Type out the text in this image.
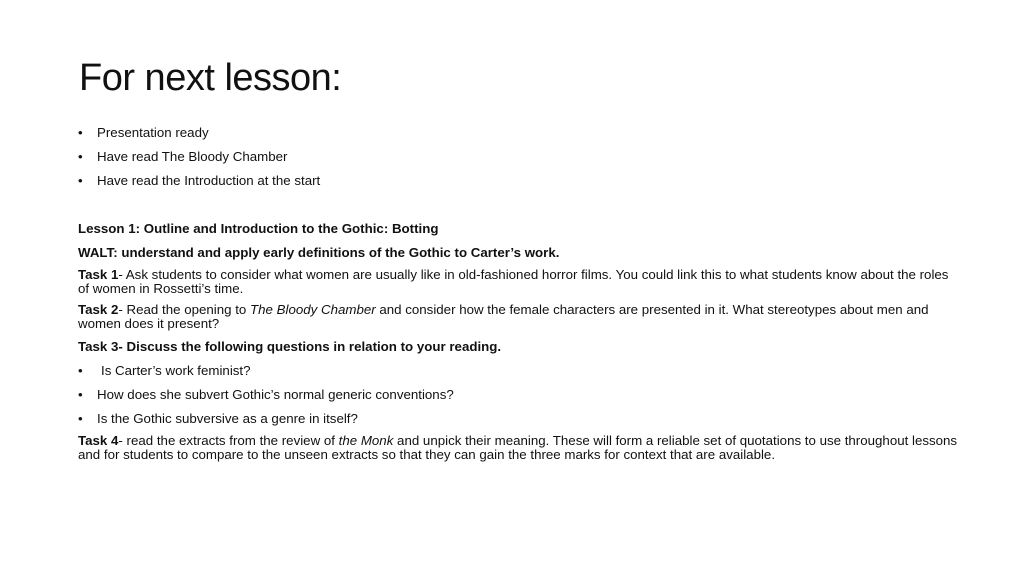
For next lesson:
• Presentation ready
• Have read The Bloody Chamber
• Have read the Introduction at the start
Lesson 1: Outline and Introduction to the Gothic: Botting
WALT: understand and apply early definitions of the Gothic to Carter’s work.
Task 1- Ask students to consider what women are usually like in old-fashioned horror films. You could link this to what students know about the roles of women in Rossetti’s time.
Task 2- Read the opening to The Bloody Chamber and consider how the female characters are presented in it. What stereotypes about men and women does it present?
Task 3- Discuss the following questions in relation to your reading.
• Is Carter’s work feminist?
• How does she subvert Gothic’s normal generic conventions?
• Is the Gothic subversive as a genre in itself?
Task 4- read the extracts from the review of the Monk and unpick their meaning. These will form a reliable set of quotations to use throughout lessons and for students to compare to the unseen extracts so that they can gain the three marks for context that are available.
